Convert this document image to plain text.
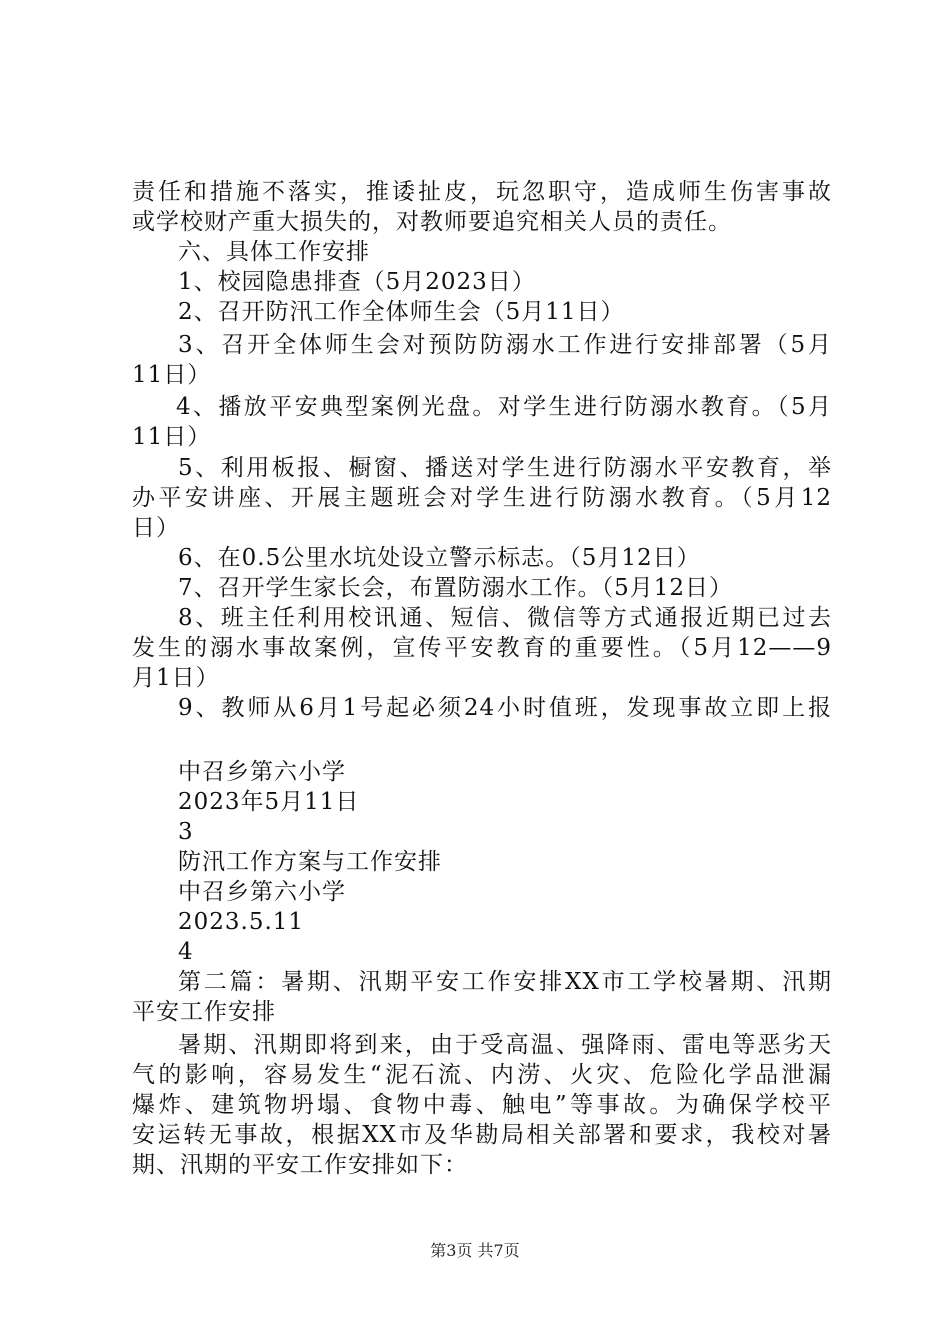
责任和措施不落实，推诿扯皮，玩忽职守，造成师生伤害事故
或学校财产重大损失的，对教师要追究相关人员的责任。
六、具体工作安排
1、校园隐患排查（5月2023日）
2、召开防汛工作全体师生会（5月11日）
3、召开全体师生会对预防防溺水工作进行安排部署（5月
11日）
4、播放平安典型案例光盘。对学生进行防溺水教育。（5月
11日）
5、利用板报、橱窗、播送对学生进行防溺水平安教育，举
办平安讲座、开展主题班会对学生进行防溺水教育。（5月12
日）
6、在0.5公里水坑处设立警示标志。（5月12日）
7、召开学生家长会，布置防溺水工作。（5月12日）
8、班主任利用校讯通、短信、微信等方式通报近期已过去
发生的溺水事故案例，宣传平安教育的重要性。（5月12——9
月1日）
9、教师从6月1号起必须24小时值班，发现事故立即上报
中召乡第六小学
2023年5月11日
3
防汛工作方案与工作安排
中召乡第六小学
2023.5.11
4
第二篇：暑期、汛期平安工作安排XX市工学校暑期、汛期
平安工作安排
暑期、汛期即将到来，由于受高温、强降雨、雷电等恶劣天
气的影响，容易发生“泥石流、内涝、火灾、危险化学品泄漏
爆炸、建筑物坍塌、食物中毒、触电”等事故。为确保学校平
安运转无事故，根据XX市及华勘局相关部署和要求，我校对暑
期、汛期的平安工作安排如下：
第3页 共7页
